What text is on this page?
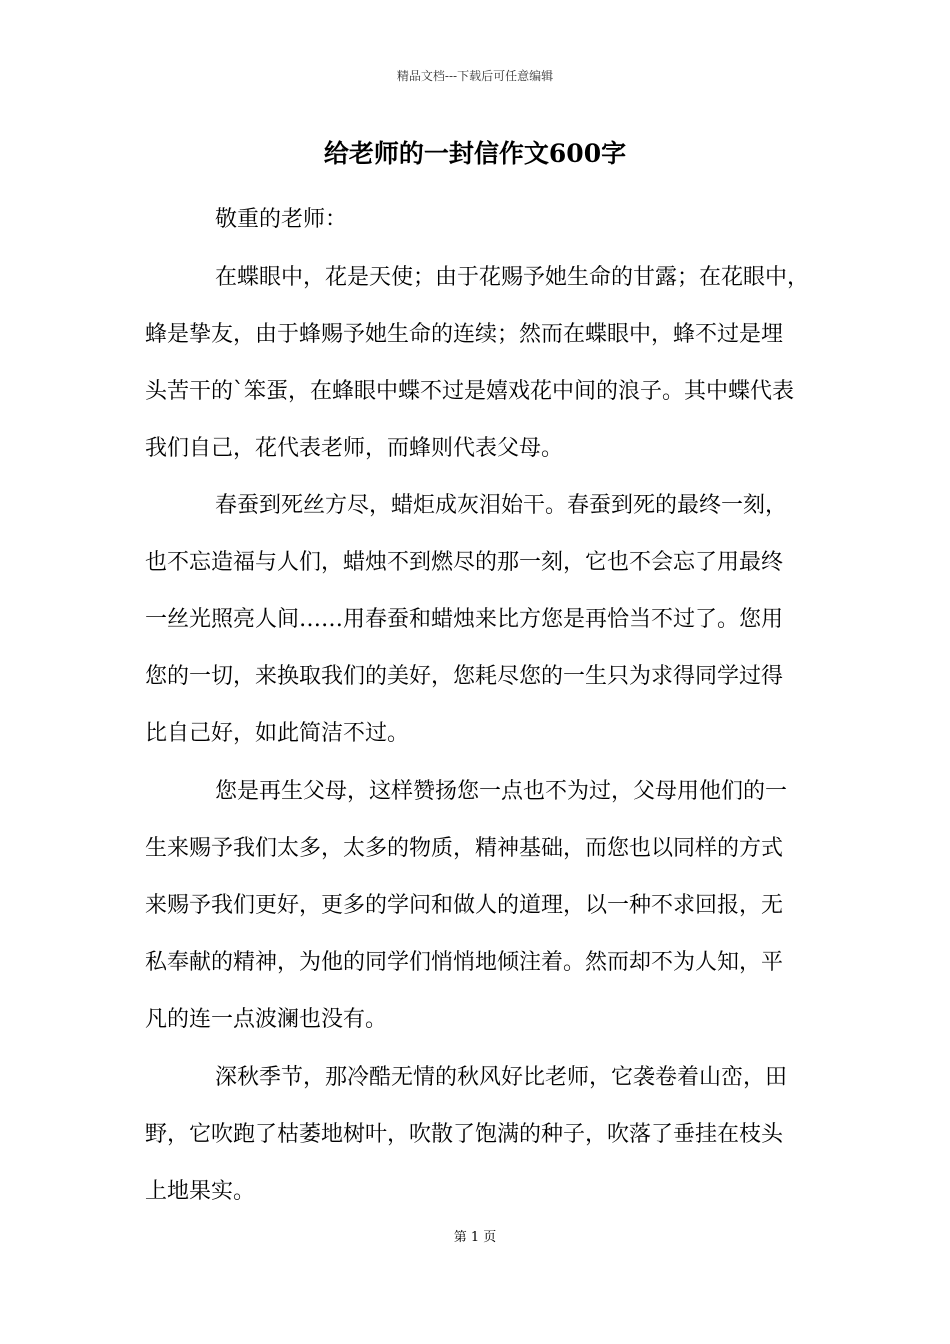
精品文档---下载后可任意编辑
给老师的一封信作文600字
敬重的老师：
在蝶眼中，花是天使；由于花赐予她生命的甘露；在花眼中，
蜂是挚友，由于蜂赐予她生命的连续；然而在蝶眼中，蜂不过是埋
头苦干的`笨蛋，在蜂眼中蝶不过是嬉戏花中间的浪子。其中蝶代表
我们自己，花代表老师，而蜂则代表父母。
春蚕到死丝方尽，蜡炬成灰泪始干。春蚕到死的最终一刻，
也不忘造福与人们，蜡烛不到燃尽的那一刻，它也不会忘了用最终
一丝光照亮人间……用春蚕和蜡烛来比方您是再恰当不过了。您用
您的一切，来换取我们的美好，您耗尽您的一生只为求得同学过得
比自己好，如此简洁不过。
您是再生父母，这样赞扬您一点也不为过，父母用他们的一
生来赐予我们太多，太多的物质，精神基础，而您也以同样的方式
来赐予我们更好，更多的学问和做人的道理，以一种不求回报，无
私奉献的精神，为他的同学们悄悄地倾注着。然而却不为人知，平
凡的连一点波澜也没有。
深秋季节，那冷酷无情的秋风好比老师，它袭卷着山峦，田
野，它吹跑了枯萎地树叶，吹散了饱满的种子，吹落了垂挂在枝头
上地果实。
第 1 页
